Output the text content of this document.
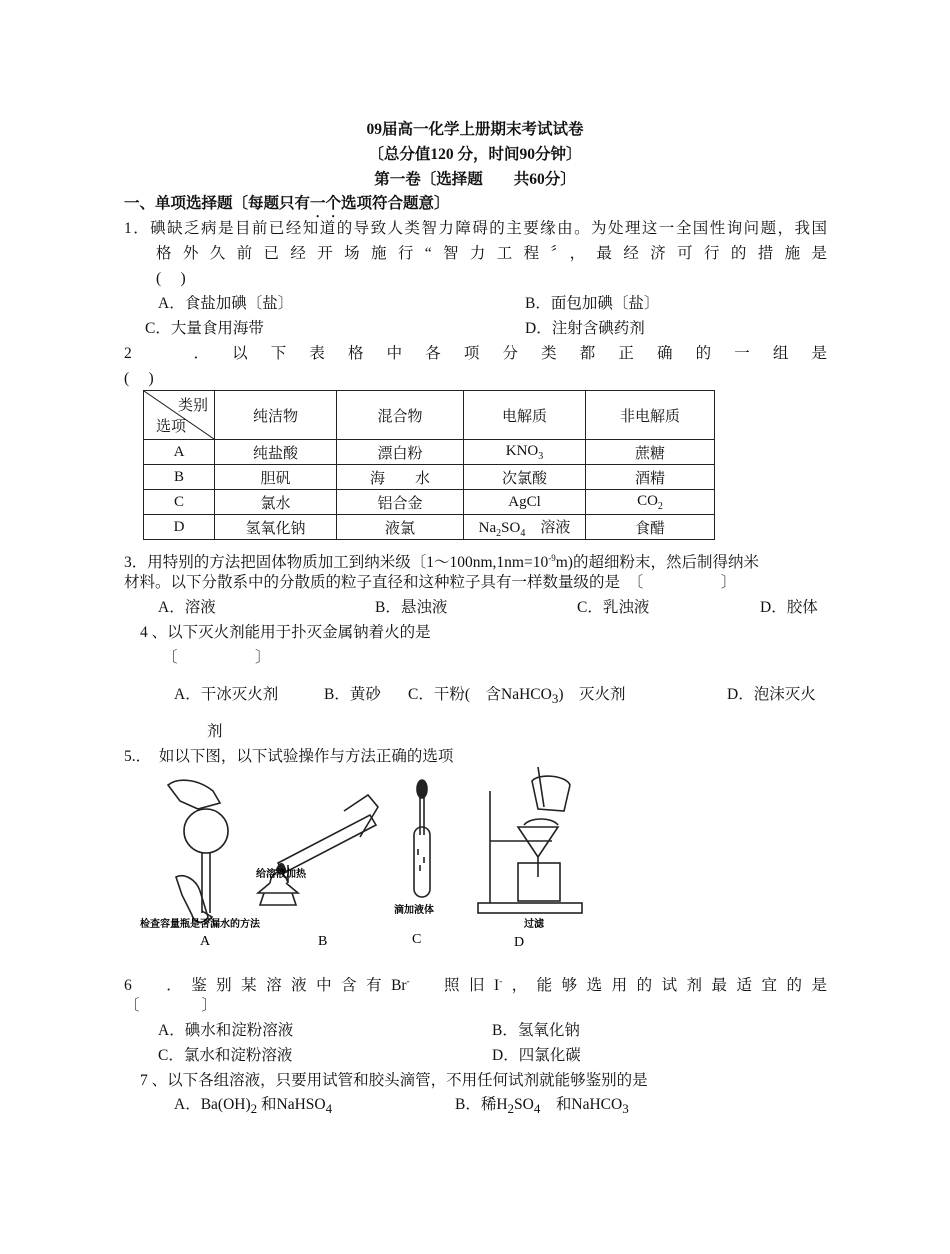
09届高一化学上册期末考试试卷
〔总分值120 分，时间90分钟〕
第一卷〔选择题　　共60分〕
一、单项选择题〔每题只有一个选项符合题意〕
1．碘缺乏病是目前已经知道的导致人类智力障碍的主要缘由。为处理这一全国性询问题，我国
格外久前已经开场施行“智力工程〞，最经济可行的措施是
(　 )
A．食盐加碘〔盐〕	B．面包加碘〔盐〕
C．大量食用海带	D．注射含碘药剂
2　．以下表格中各项分类都正确的一组是
(　 )
类别
选项	纯洁物	混合物	电解质	非电解质
A	纯盐酸	漂白粉	$KNO_3$	蔗糖
B	胆矾	海　　水	次氯酸	酒精
C	氯水	铝合金	AgCl	$CO_2$
D	氢氧化钠	液氯	$Na_2SO_4$　溶液	食醋
3．用特别的方法把固体物质加工到纳米级〔$1\sim 100nm,1nm=10^{-9}m$)的超细粉末，然后制得纳米
材料。以下分散系中的分散质的粒子直径和这种粒子具有一样数量级的是　〔　　　　　〕
A．溶液	B．悬浊液	C．乳浊液	D．胶体
4 、以下灭火剂能用于扑灭金属钠着火的是
〔　　　　　〕
A．干冰灭火剂	B．黄砂 C．干粉(　含NaHCO$_3$)　灭火剂	D．泡沫灭火
剂
5.．　如以下图，以下试验操作与方法正确的选项
检查容量瓶是否漏水的方法
A
给溶液加热
B
滴加液体
C
过滤
D
6　．鉴别某溶液中含有Br-　照旧I-，能够选用的试剂最适宜的是
〔　　　　〕
A．碘水和淀粉溶液	B．氢氧化钠
C．氯水和淀粉溶液	D．四氯化碳
7 、以下各组溶液，只要用试管和胶头滴管，不用任何试剂就能够鉴别的是
A．$Ba(OH)_2$ 和NaHSO$_4$	B．稀$H_2SO_4$　和NaHCO$_3$
